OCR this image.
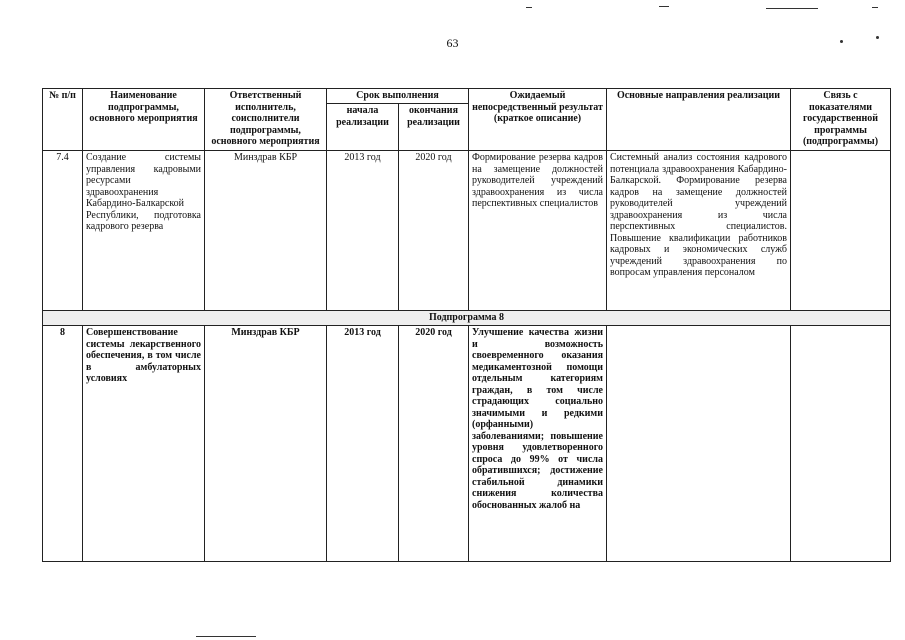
63
№ п/п	Наименование подпрограммы, основного мероприятия	Ответственный исполнитель, соисполнители подпрограммы, основного мероприятия	Срок выполнения		Ожидаемый непосредственный результат (краткое описание)	Основные направления реализации	Связь с показателями государственной программы (подпрограммы)
			начала реализации	окончания реализации			
7.4	Создание системы управления кадровыми ресурсами здравоохранения Кабардино-Балкарской Республики, подготовка кадрового резерва	Минздрав КБР	2013 год	2020 год	Формирование резерва кадров на замещение должностей руководителей учреждений здравоохранения из числа перспективных специалистов	Системный анализ состояния кадрового потенциала здравоохранения Кабардино-Балкарской. Формирование резерва кадров на замещение должностей руководителей учреждений здравоохранения из числа перспективных специалистов. Повышение квалификации работников кадровых и экономических служб учреждений здравоохранения по вопросам управления персоналом	
Подпрограмма 8							
8	Совершенствование системы лекарственного обеспечения, в том числе в амбулаторных условиях	Минздрав КБР	2013 год	2020 год	Улучшение качества жизни и возможность своевременного оказания медикаментозной помощи отдельным категориям граждан, в том числе страдающих социально значимыми и редкими (орфанными) заболеваниями; повышение уровня удовлетворенного спроса до 99% от числа обратившихся; достижение стабильной динамики снижения количества обоснованных жалоб на		
